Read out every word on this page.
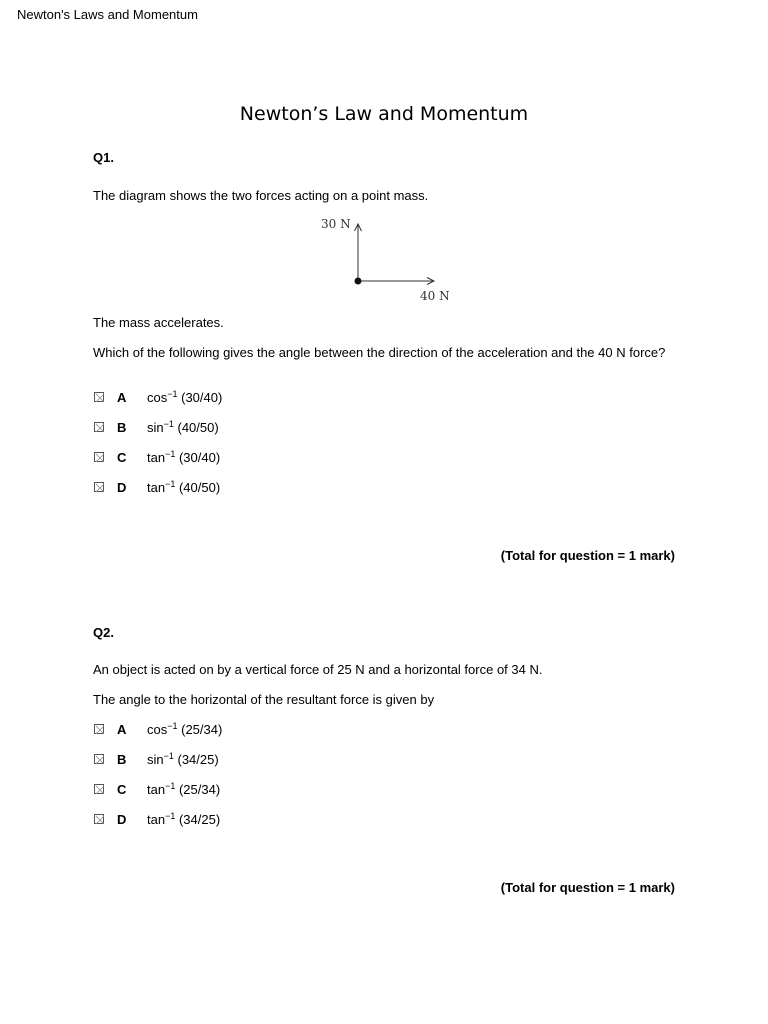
Newton's Laws and Momentum
Newton’s Law and Momentum
Q1.
The diagram shows the two forces acting on a point mass.
30 N
40 N
The mass accelerates.
Which of the following gives the angle between the direction of the acceleration and the 40 N force?
A $\cos^{-1} (30/40)$
B $\sin^{-1} (40/50)$
C $\tan^{-1} (30/40)$
D $\tan^{-1} (40/50)$
(Total for question = 1 mark)
Q2.
An object is acted on by a vertical force of 25 N and a horizontal force of 34 N.
The angle to the horizontal of the resultant force is given by
A $\cos^{-1} (25/34)$
B $\sin^{-1} (34/25)$
C $\tan^{-1} (25/34)$
D $\tan^{-1} (34/25)$
(Total for question = 1 mark)
